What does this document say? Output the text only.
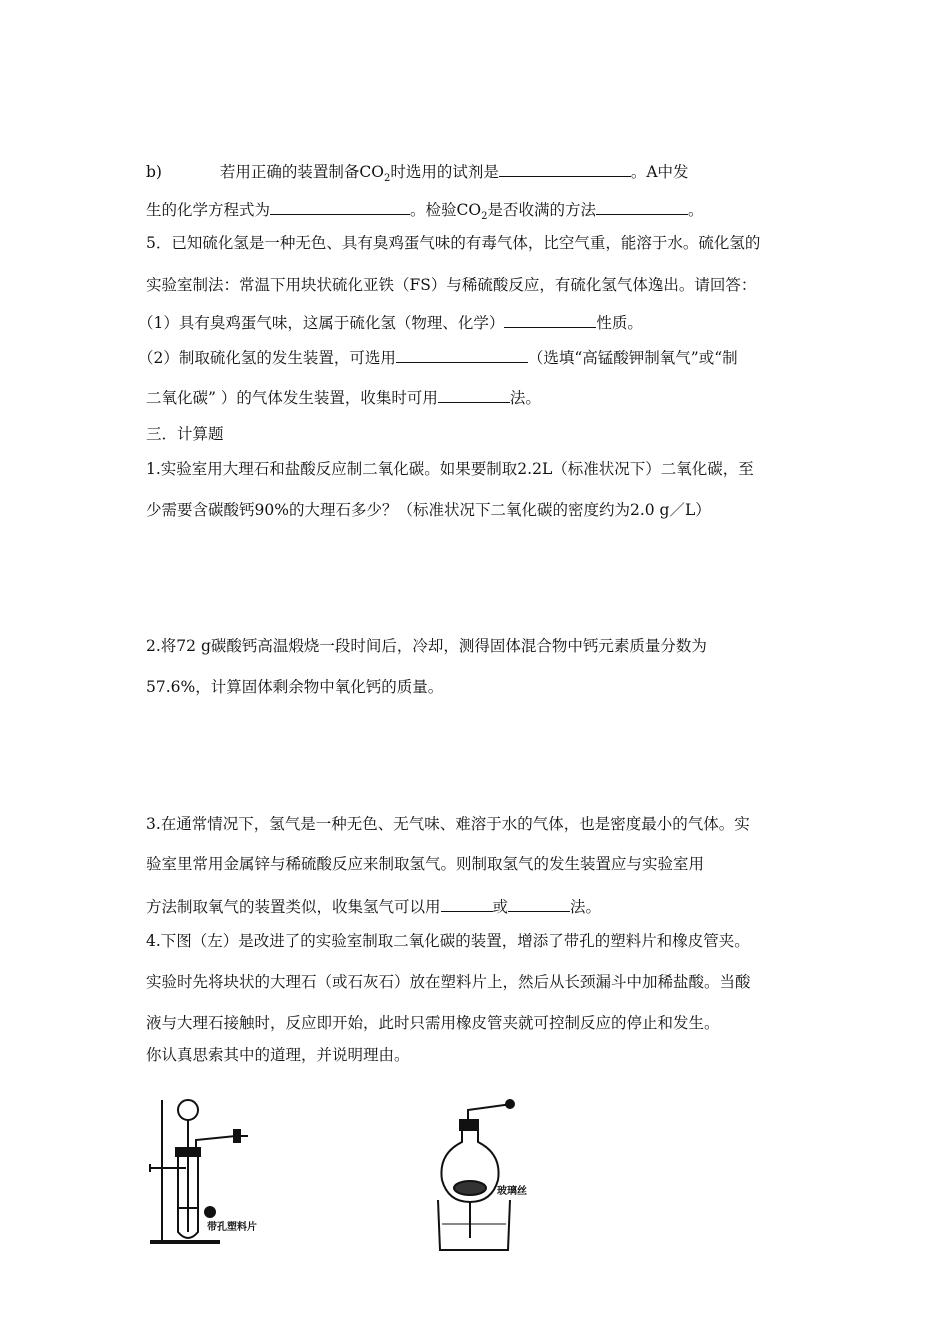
b)	若用正确的装置制备$CO_2$时选用的试剂是	。A中发
生的化学方程式为	。检验$CO_2$是否收满的方法	。
5．已知硫化氢是一种无色、具有臭鸡蛋气味的有毒气体，比空气重，能溶于水。硫化氢的
实验室制法：常温下用块状硫化亚铁（FS）与稀硫酸反应，有硫化氢气体逸出。请回答：
（1）具有臭鸡蛋气味，这属于硫化氢（物理、化学）	性质。
（2）制取硫化氢的发生装置，可选用	（选填“高锰酸钾制氧气”或“制
二氧化碳” ）的气体发生装置，收集时可用	法。
三．计算题
1.实验室用大理石和盐酸反应制二氧化碳。如果要制取2.2L（标准状况下）二氧化碳，至
少需要含碳酸钙90%的大理石多少？（标准状况下二氧化碳的密度约为2.0 g／L）
2.将72 g碳酸钙高温煅烧一段时间后，冷却，测得固体混合物中钙元素质量分数为
57.6%，计算固体剩余物中氧化钙的质量。
3.在通常情况下，氢气是一种无色、无气味、难溶于水的气体，也是密度最小的气体。实
验室里常用金属锌与稀硫酸反应来制取氢气。则制取氢气的发生装置应与实验室用
方法制取氧气的装置类似，收集氢气可以用	或	法。
4.下图（左）是改进了的实验室制取二氧化碳的装置，增添了带孔的塑料片和橡皮管夹。
实验时先将块状的大理石（或石灰石）放在塑料片上，然后从长颈漏斗中加稀盐酸。当酸
液与大理石接触时，反应即开始，此时只需用橡皮管夹就可控制反应的停止和发生。
你认真思索其中的道理，并说明理由。
带孔塑料片
玻璃丝
